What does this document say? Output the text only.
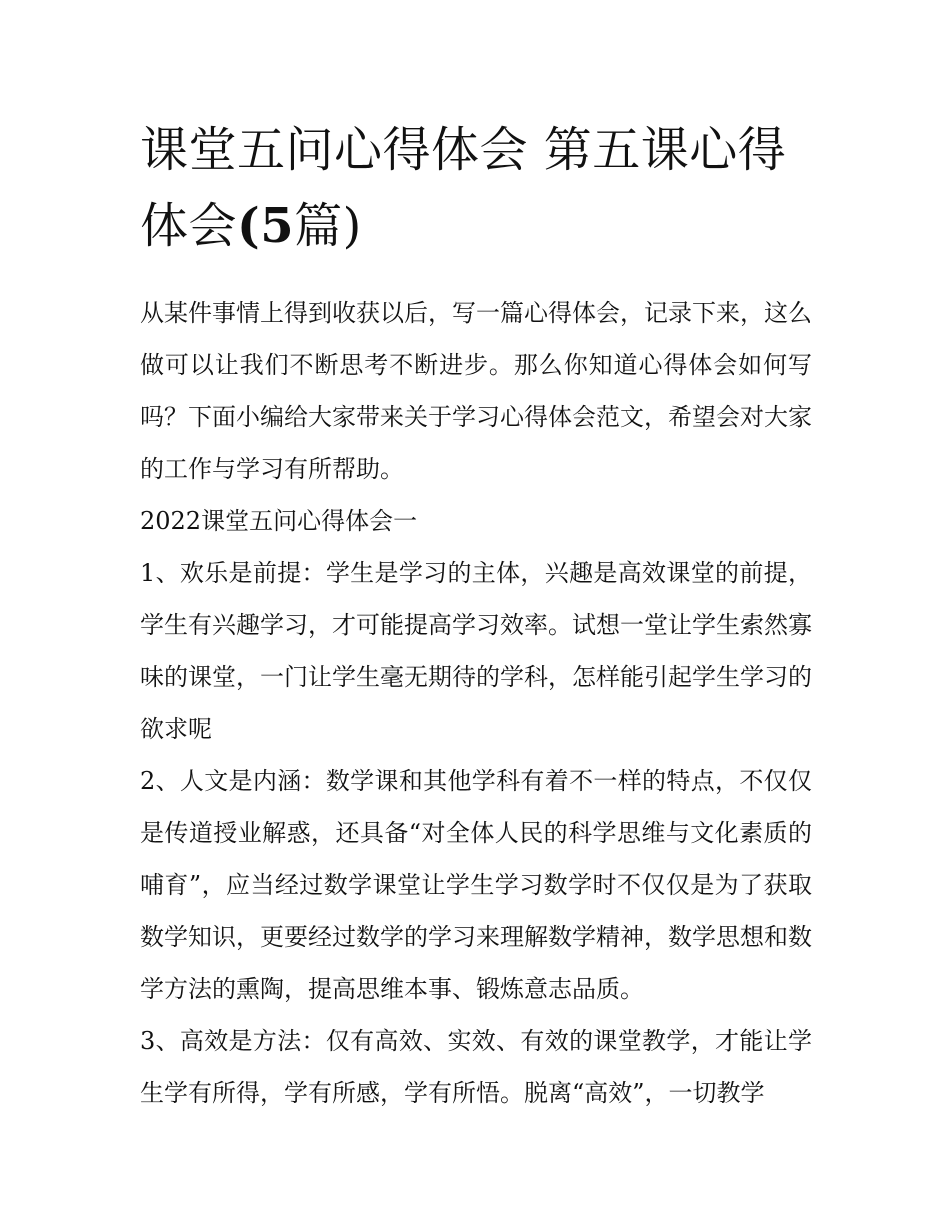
课堂五问心得体会 第五课心得体会(5篇)

从某件事情上得到收获以后，写一篇心得体会，记录下来，这么做可以让我们不断思考不断进步。那么你知道心得体会如何写吗？下面小编给大家带来关于学习心得体会范文，希望会对大家的工作与学习有所帮助。

2022课堂五问心得体会一

1、欢乐是前提：学生是学习的主体，兴趣是高效课堂的前提，学生有兴趣学习，才可能提高学习效率。试想一堂让学生索然寡味的课堂，一门让学生毫无期待的学科，怎样能引起学生学习的欲求呢

2、人文是内涵：数学课和其他学科有着不一样的特点，不仅仅是传道授业解惑，还具备“对全体人民的科学思维与文化素质的哺育”，应当经过数学课堂让学生学习数学时不仅仅是为了获取数学知识，更要经过数学的学习来理解数学精神，数学思想和数学方法的熏陶，提高思维本事、锻炼意志品质。

3、高效是方法：仅有高效、实效、有效的课堂教学，才能让学生学有所得，学有所感，学有所悟。脱离“高效”，一切教学
